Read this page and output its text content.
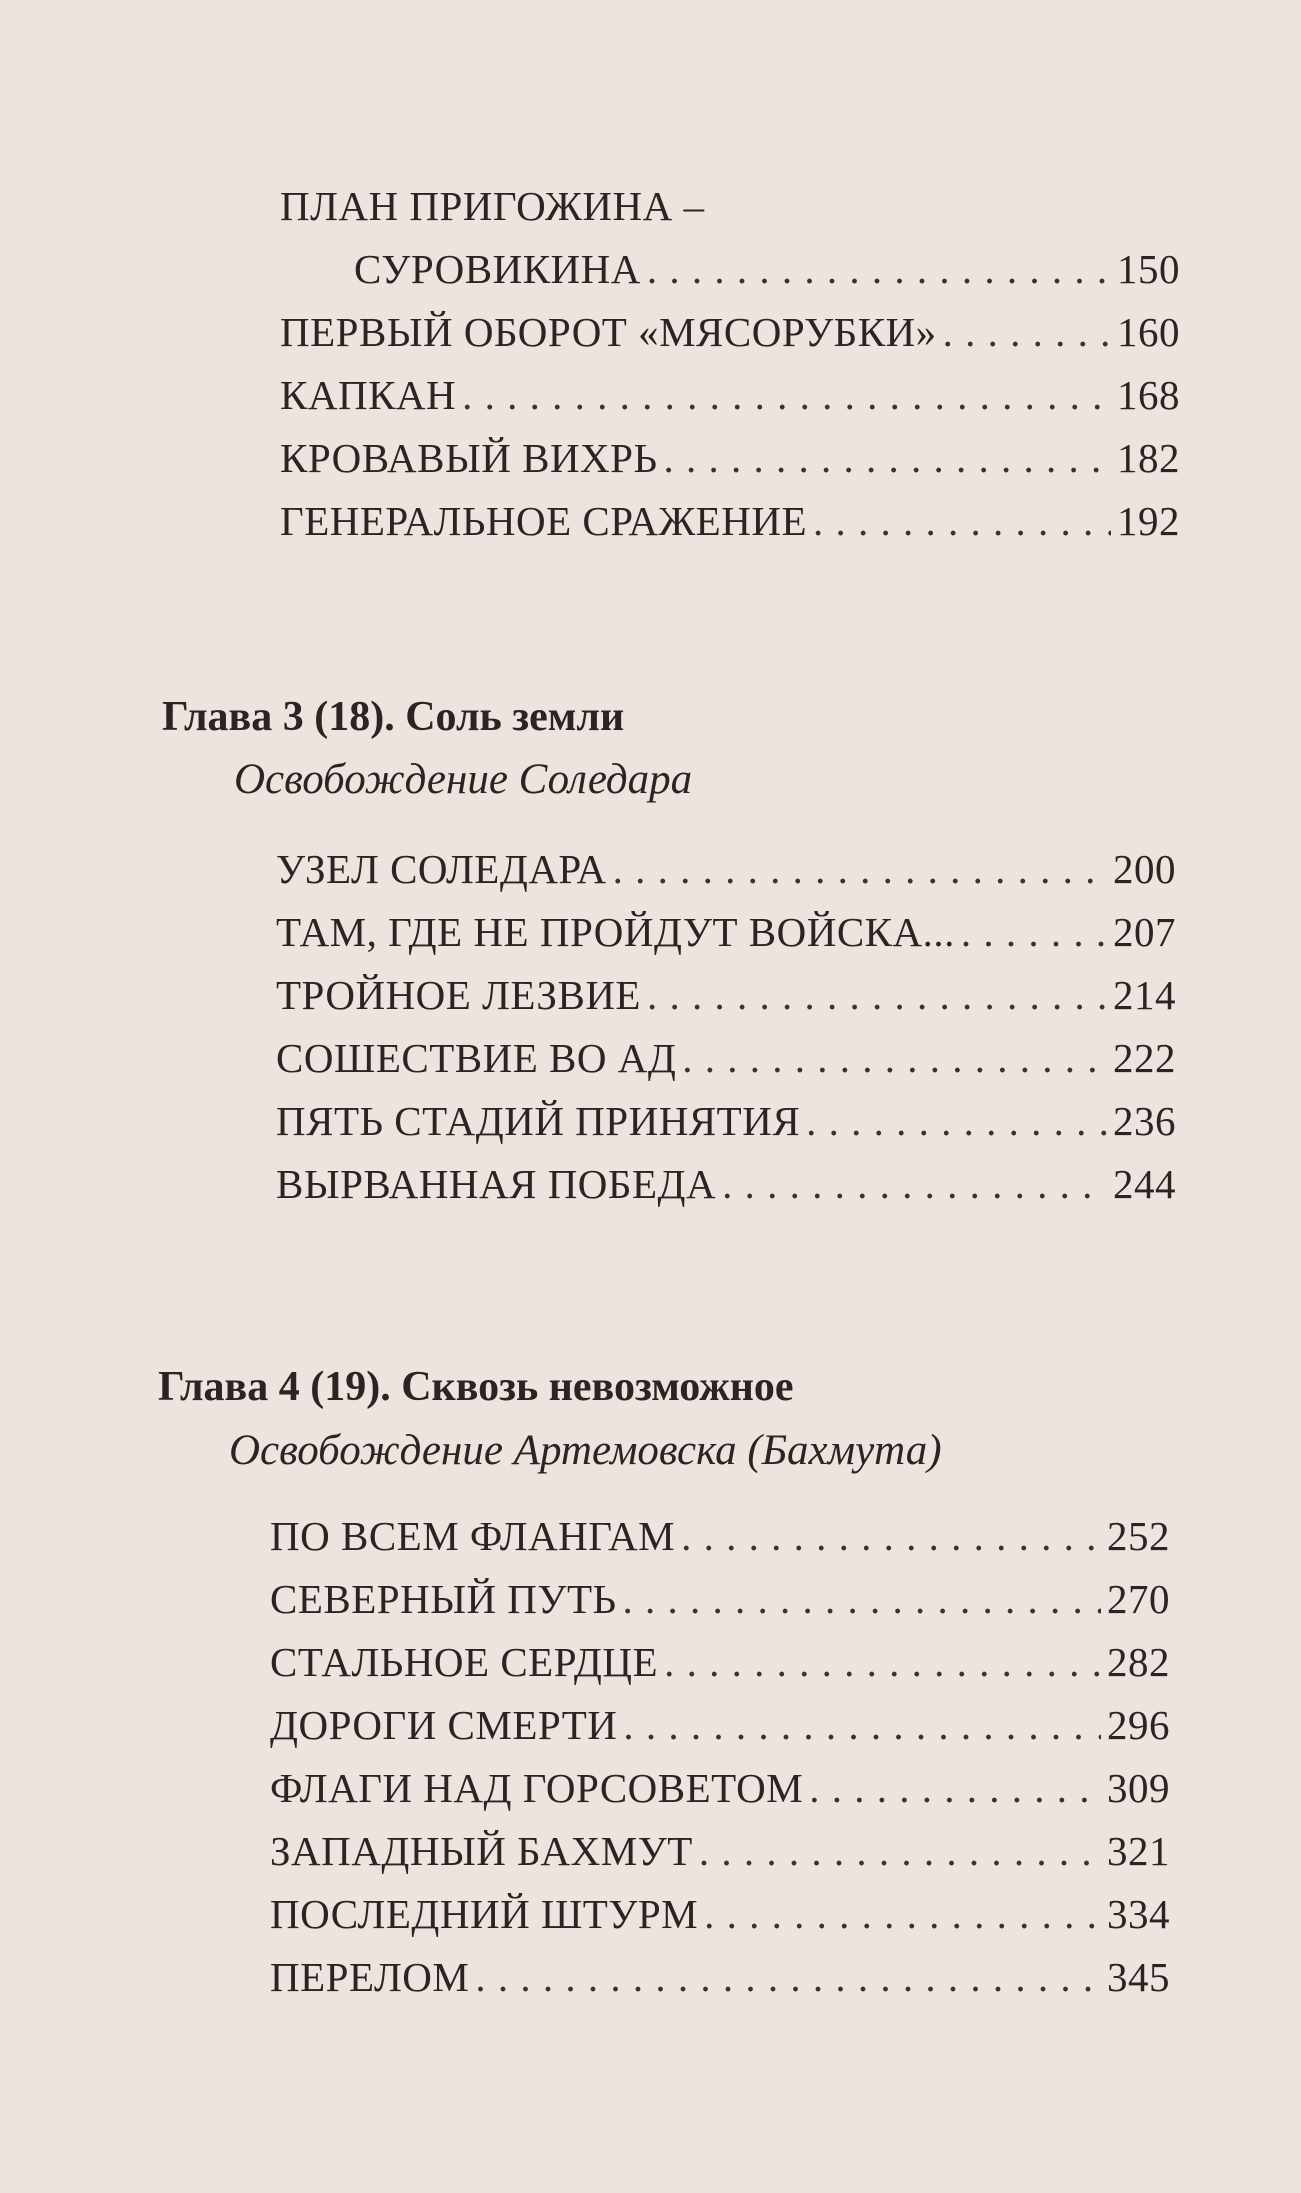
ПЛАН ПРИГОЖИНА –
СУРОВИКИНА . . .	150
ПЕРВЫЙ ОБОРОТ «МЯСОРУБКИ» . . .	160
КАПКАН . . .	168
КРОВАВЫЙ ВИХРЬ . . .	182
ГЕНЕРАЛЬНОЕ СРАЖЕНИЕ . . .	192
Глава 3 (18). Соль земли
Освобождение Соледара
УЗЕЛ СОЛЕДАРА . . .	200
ТАМ, ГДЕ НЕ ПРОЙДУТ ВОЙСКА... . . .	207
ТРОЙНОЕ ЛЕЗВИЕ . . .	214
СОШЕСТВИЕ ВО АД . . .	222
ПЯТЬ СТАДИЙ ПРИНЯТИЯ . . .	236
ВЫРВАННАЯ ПОБЕДА . . .	244
Глава 4 (19). Сквозь невозможное
Освобождение Артемовска (Бахмута)
ПО ВСЕМ ФЛАНГАМ . . .	252
СЕВЕРНЫЙ ПУТЬ . . .	270
СТАЛЬНОЕ СЕРДЦЕ . . .	282
ДОРОГИ СМЕРТИ . . .	296
ФЛАГИ НАД ГОРСОВЕТОМ . . .	309
ЗАПАДНЫЙ БАХМУТ . . .	321
ПОСЛЕДНИЙ ШТУРМ . . .	334
ПЕРЕЛОМ . . .	345
